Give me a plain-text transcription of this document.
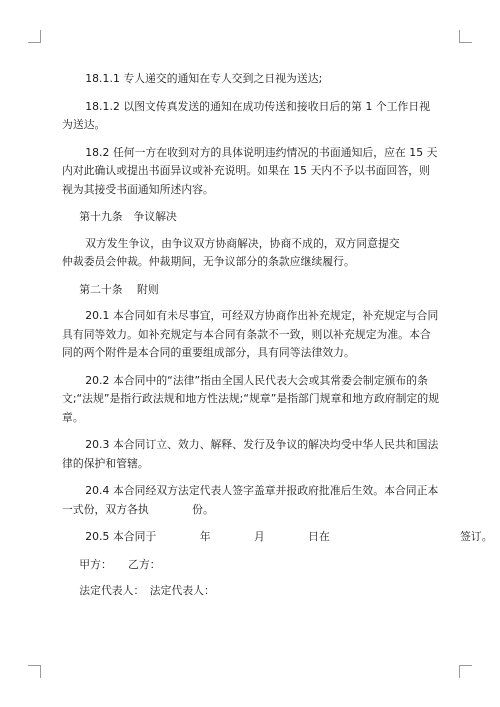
18.1.1 专人递交的通知在专人交到之日视为送达;

18.1.2 以图文传真发送的通知在成功传送和接收日后的第 1 个工作日视为送达。

18.2 任何一方在收到对方的具体说明违约情况的书面通知后，应在 15 天内对此确认或提出书面异议或补充说明。如果在 15 天内不予以书面回答，则视为其接受书面通知所述内容。

第十九条　争议解决

双方发生争议，由争议双方协商解决，协商不成的，双方同意提交　　　　仲裁委员会仲裁。仲裁期间，无争议部分的条款应继续履行。

第二十条　 附则

20.1 本合同如有未尽事宜，可经双方协商作出补充规定，补充规定与合同具有同等效力。如补充规定与本合同有条款不一致，则以补充规定为准。本合同的两个附件是本合同的重要组成部分，具有同等法律效力。

20.2 本合同中的“法律”指由全国人民代表大会或其常委会制定颁布的条文;“法规”是指行政法规和地方性法规;“规章”是指部门规章和地方政府制定的规章。

20.3 本合同订立、效力、解释、发行及争议的解决均受中华人民共和国法律的保护和管辖。

20.4 本合同经双方法定代表人签字盖章并报政府批准后生效。本合同正本一式份，双方各执　　　　份。

20.5 本合同于　　　　年　　　　月　　　　日在　　　　　　　　　　　　签订。

甲方：　　乙方：

法定代表人：　法定代表人：
